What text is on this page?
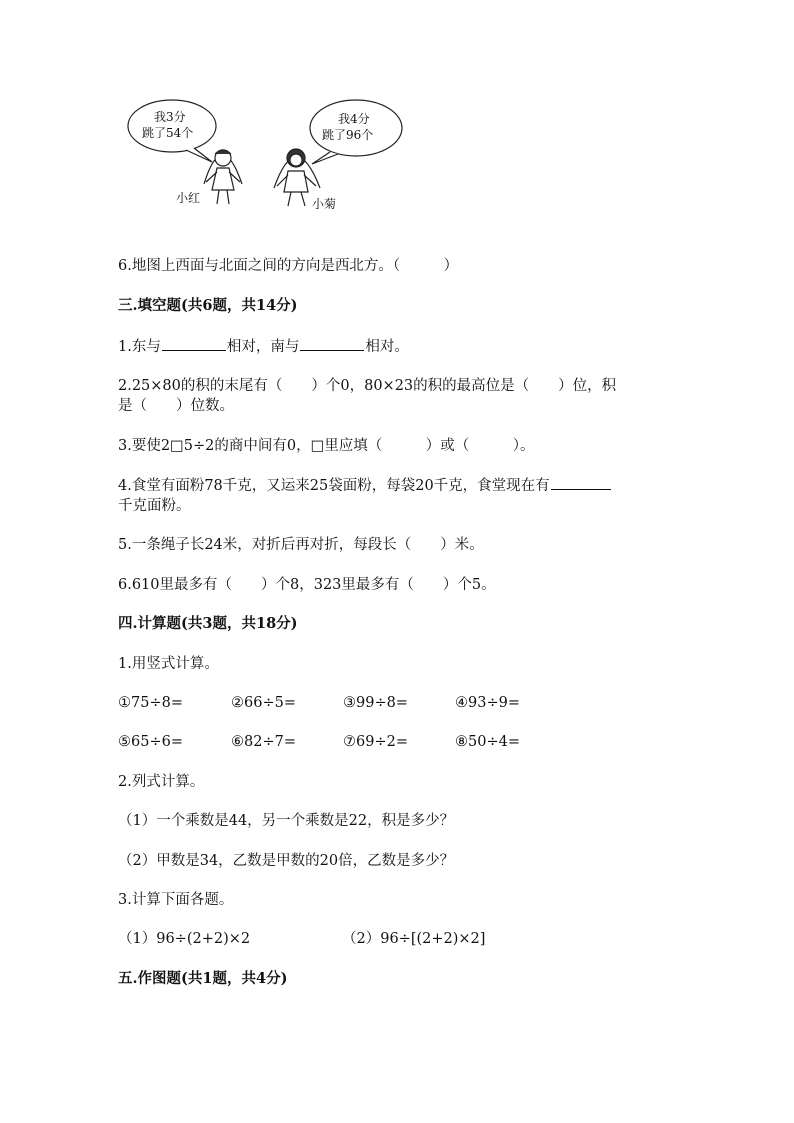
我3分
跳了54个
我4分
跳了96个
小红	小菊
6.地图上西面与北面之间的方向是西北方。（　　　）
三.填空题(共6题，共14分)
1.东与	相对，南与	相对。
2.25×80的积的末尾有（　　）个0，80×23的积的最高位是（　　）位，积
是（　　）位数。
3.要使2□5÷2的商中间有0，□里应填（　　　）或（　　　）。
4.食堂有面粉78千克，又运来25袋面粉，每袋20千克，食堂现在有
千克面粉。
5.一条绳子长24米，对折后再对折，每段长（　　）米。
6.610里最多有（　　）个8，323里最多有（　　）个5。
四.计算题(共3题，共18分)
1.用竖式计算。
①75÷8=	②66÷5=	③99÷8=	④93÷9=
⑤65÷6=	⑥82÷7=	⑦69÷2=	⑧50÷4=
2.列式计算。
（1）一个乘数是44，另一个乘数是22，积是多少？
（2）甲数是34，乙数是甲数的20倍，乙数是多少？
3.计算下面各题。
（1）96÷(2+2)×2	（2）96÷[(2+2)×2]
五.作图题(共1题，共4分)
